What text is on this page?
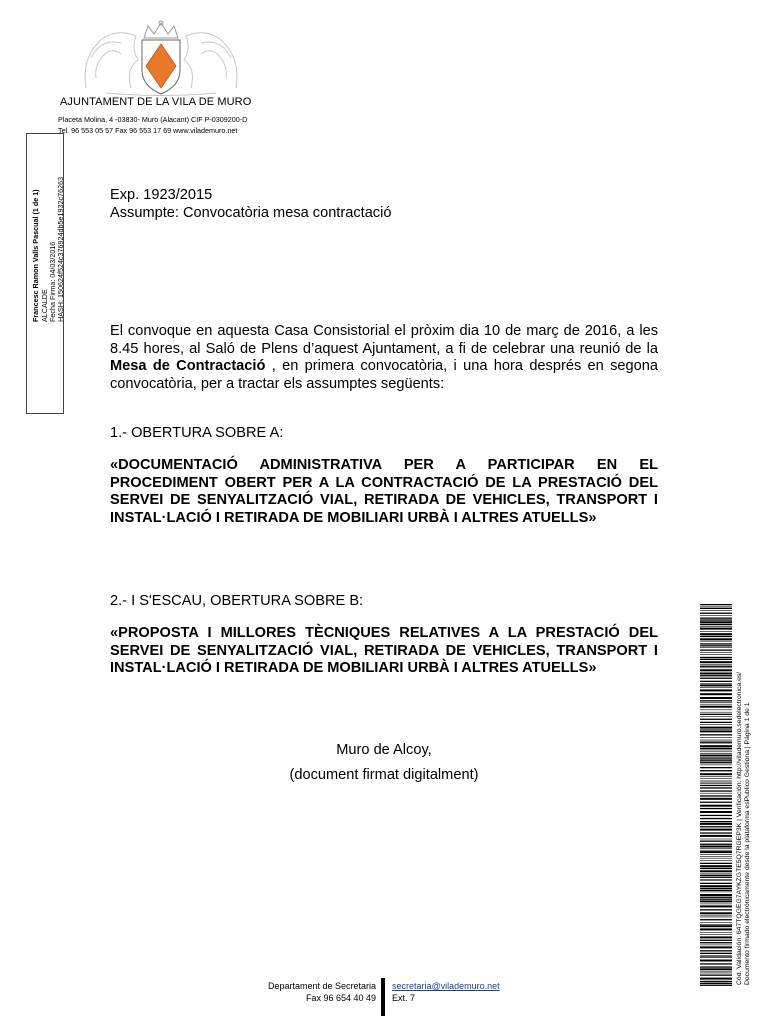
AJUNTAMENT DE LA VILA DE MURO
Placeta Molina, 4 -03830- Muro (Alacant) CIF P-0309200-D
Tel. 96 553 05 57 Fax 96 553 17 69 www.vilademuro.net
Francesc Ramon Valls Pascual (1 de 1) ALCALDE Fecha Firma: 04/03/2016 HASH: 150624f524c376924db5e1932c76263	Exp. 1923/2015
Assumpte: Convocatòria mesa contractació
El convoque en aquesta Casa Consistorial el pròxim dia 10 de març de 2016, a les 8.45 hores, al Saló de Plens d’aquest Ajuntament, a fi de celebrar una reunió de la Mesa de Contractació , en primera convocatòria, i una hora després en segona convocatòria, per a tractar els assumptes següents:
1.- OBERTURA SOBRE A:
«DOCUMENTACIÓ ADMINISTRATIVA PER A PARTICIPAR EN EL PROCEDIMENT OBERT PER A LA CONTRACTACIÓ DE LA PRESTACIÓ DEL SERVEI DE SENYALITZACIÓ VIAL, RETIRADA DE VEHICLES, TRANSPORT I INSTAL·LACIÓ I RETIRADA DE MOBILIARI URBÀ I ALTRES ATUELLS»
2.- I S'ESCAU, OBERTURA SOBRE B:
«PROPOSTA I MILLORES TÈCNIQUES RELATIVES A LA PRESTACIÓ DEL SERVEI DE SENYALITZACIÓ VIAL, RETIRADA DE VEHICLES, TRANSPORT I INSTAL·LACIÓ I RETIRADA DE MOBILIARI URBÀ I ALTRES ATUELLS»
Muro de Alcoy,
(document firmat digitalment)	Cód. Validación: 647TQGEG7AYKZGTE5Q7RGEP3K | Verificación: http://vilademuro.sedelectronica.es/ Documento firmado electrónicamente desde la plataforma esPublico Gestiona | Página 1 de 1
Departament de Secretaria
Fax 96 654 40 49
secretaria@vilademuro.net
Ext. 7
